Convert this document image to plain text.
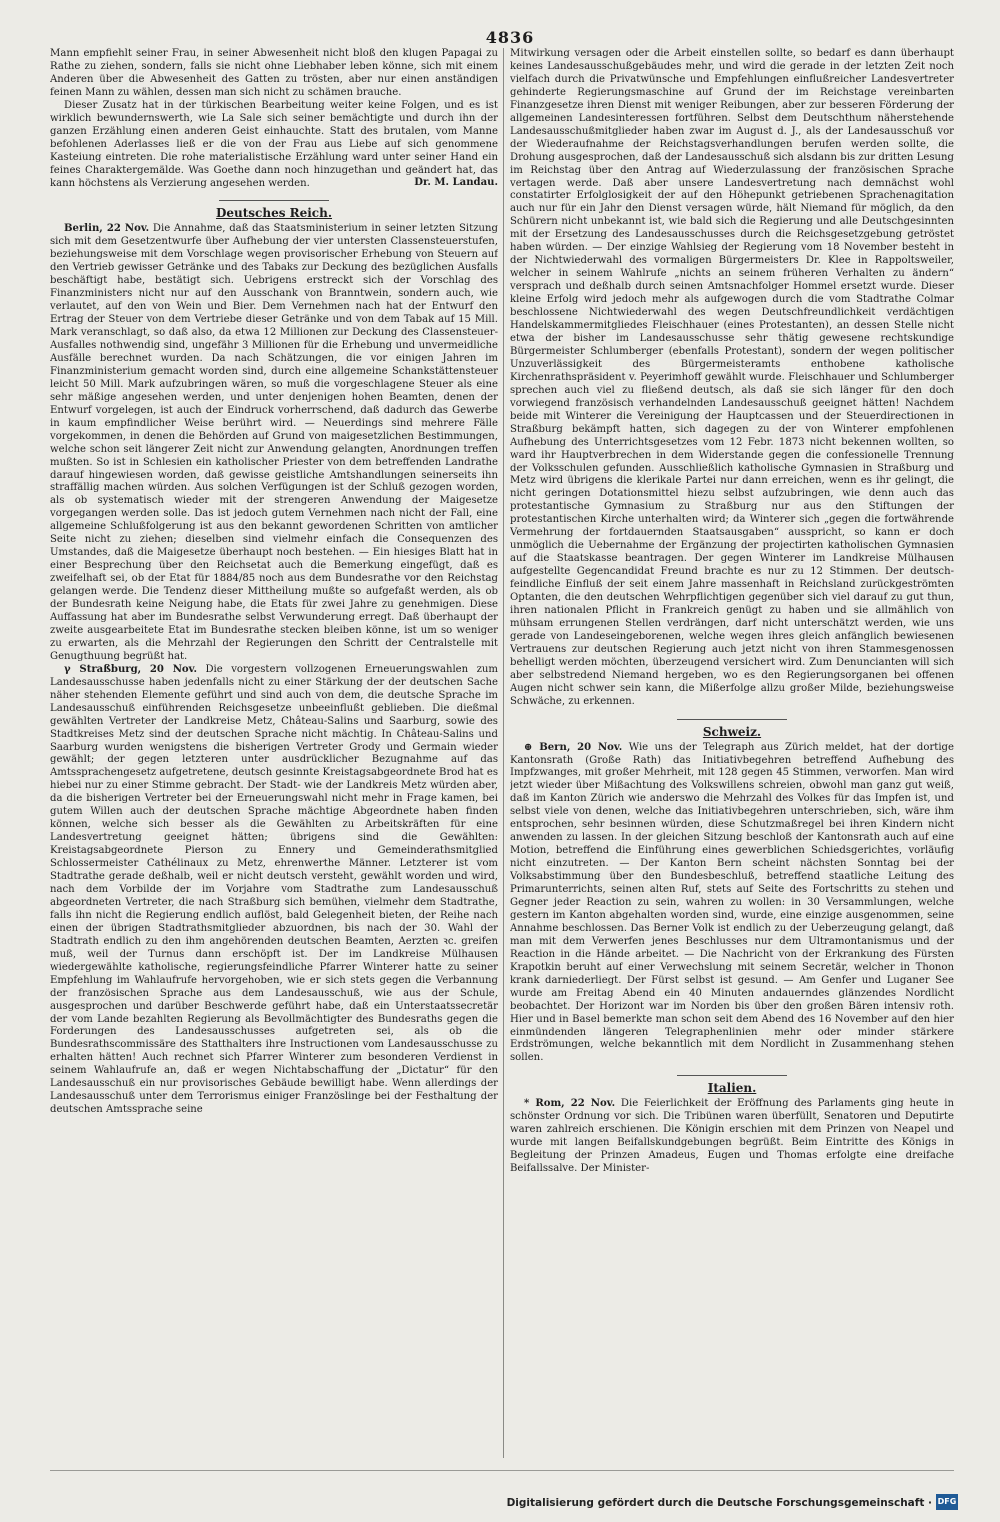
4836

Mann empfiehlt seiner Frau, in seiner Abwesenheit nicht bloß den klugen Papagai zu Rathe zu ziehen, sondern, falls sie nicht ohne Liebhaber leben könne, sich mit einem Anderen über die Abwesenheit des Gatten zu trösten, aber nur einen anständigen feinen Mann zu wählen, dessen man sich nicht zu schämen brauche.

Dieser Zusatz hat in der türkischen Bearbeitung weiter keine Folgen, und es ist wirklich bewundernswerth, wie La Sale sich seiner bemächtigte und durch ihn der ganzen Erzählung einen anderen Geist einhauchte. Statt des brutalen, vom Manne befohlenen Aderlasses ließ er die von der Frau aus Liebe auf sich genommene Kasteiung eintreten. Die rohe materialistische Erzählung ward unter seiner Hand ein feines Charaktergemälde. Was Goethe dann noch hinzugethan und geändert hat, das kann höchstens als Verzierung angesehen werden.	Dr. M. Landau.

Deutsches Reich.

Berlin, 22 Nov. Die Annahme, daß das Staatsministerium in seiner letzten Sitzung sich mit dem Gesetzentwurfe über Aufhebung der vier untersten Classensteuerstufen, beziehungsweise mit dem Vorschlage wegen provisorischer Erhebung von Steuern auf den Vertrieb gewisser Getränke und des Tabaks zur Deckung des bezüglichen Ausfalls beschäftigt habe, bestätigt sich. Uebrigens erstreckt sich der Vorschlag des Finanzministers nicht nur auf den Ausschank von Branntwein, sondern auch, wie verlautet, auf den von Wein und Bier. Dem Vernehmen nach hat der Entwurf den Ertrag der Steuer von dem Vertriebe dieser Getränke und von dem Tabak auf 15 Mill. Mark veranschlagt, so daß also, da etwa 12 Millionen zur Deckung des Classensteuer-Ausfalles nothwendig sind, ungefähr 3 Millionen für die Erhebung und unvermeidliche Ausfälle berechnet wurden. Da nach Schätzungen, die vor einigen Jahren im Finanzministerium gemacht worden sind, durch eine allgemeine Schankstättensteuer leicht 50 Mill. Mark aufzubringen wären, so muß die vorgeschlagene Steuer als eine sehr mäßige angesehen werden, und unter denjenigen hohen Beamten, denen der Entwurf vorgelegen, ist auch der Eindruck vorherrschend, daß dadurch das Gewerbe in kaum empfindlicher Weise berührt wird. — Neuerdings sind mehrere Fälle vorgekommen, in denen die Behörden auf Grund von maigesetzlichen Bestimmungen, welche schon seit längerer Zeit nicht zur Anwendung gelangten, Anordnungen treffen mußten. So ist in Schlesien ein katholischer Priester von dem betreffenden Landrathe darauf hingewiesen worden, daß gewisse geistliche Amtshandlungen seinerseits ihn straffällig machen würden. Aus solchen Verfügungen ist der Schluß gezogen worden, als ob systematisch wieder mit der strengeren Anwendung der Maigesetze vorgegangen werden solle. Das ist jedoch gutem Vernehmen nach nicht der Fall, eine allgemeine Schlußfolgerung ist aus den bekannt gewordenen Schritten von amtlicher Seite nicht zu ziehen; dieselben sind vielmehr einfach die Consequenzen des Umstandes, daß die Maigesetze überhaupt noch bestehen. — Ein hiesiges Blatt hat in einer Besprechung über den Reichsetat auch die Bemerkung eingefügt, daß es zweifelhaft sei, ob der Etat für 1884/85 noch aus dem Bundesrathe vor den Reichstag gelangen werde. Die Tendenz dieser Mittheilung mußte so aufgefaßt werden, als ob der Bundesrath keine Neigung habe, die Etats für zwei Jahre zu genehmigen. Diese Auffassung hat aber im Bundesrathe selbst Verwunderung erregt. Daß überhaupt der zweite ausgearbeitete Etat im Bundesrathe stecken bleiben könne, ist um so weniger zu erwarten, als die Mehrzahl der Regierungen den Schritt der Centralstelle mit Genugthuung begrüßt hat.

γ Straßburg, 20 Nov. Die vorgestern vollzogenen Erneuerungswahlen zum Landesausschusse haben jedenfalls nicht zu einer Stärkung der der deutschen Sache näher stehenden Elemente geführt und sind auch von dem, die deutsche Sprache im Landesausschuß einführenden Reichsgesetze unbeeinflußt geblieben. Die dießmal gewählten Vertreter der Landkreise Metz, Château-Salins und Saarburg, sowie des Stadtkreises Metz sind der deutschen Sprache nicht mächtig. In Château-Salins und Saarburg wurden wenigstens die bisherigen Vertreter Grody und Germain wieder gewählt; der gegen letzteren unter ausdrücklicher Bezugnahme auf das Amtssprachengesetz aufgetretene, deutsch gesinnte Kreistagsabgeordnete Brod hat es hiebei nur zu einer Stimme gebracht. Der Stadt- wie der Landkreis Metz würden aber, da die bisherigen Vertreter bei der Erneuerungswahl nicht mehr in Frage kamen, bei gutem Willen auch der deutschen Sprache mächtige Abgeordnete haben finden können, welche sich besser als die Gewählten zu Arbeitskräften für eine Landesvertretung geeignet hätten; übrigens sind die Gewählten: Kreistagsabgeordnete Pierson zu Ennery und Gemeinderathsmitglied Schlossermeister Cathélinaux zu Metz, ehrenwerthe Männer. Letzterer ist vom Stadtrathe gerade deßhalb, weil er nicht deutsch versteht, gewählt worden und wird, nach dem Vorbilde der im Vorjahre vom Stadtrathe zum Landesausschuß abgeordneten Vertreter, die nach Straßburg sich bemühen, vielmehr dem Stadtrathe, falls ihn nicht die Regierung endlich auflöst, bald Gelegenheit bieten, der Reihe nach einen der übrigen Stadtrathsmitglieder abzuordnen, bis nach der 30. Wahl der Stadtrath endlich zu den ihm angehörenden deutschen Beamten, Aerzten ꝛc. greifen muß, weil der Turnus dann erschöpft ist. Der im Landkreise Mülhausen wiedergewählte katholische, regierungsfeindliche Pfarrer Winterer hatte zu seiner Empfehlung im Wahlaufrufe hervorgehoben, wie er sich stets gegen die Verbannung der französischen Sprache aus dem Landesausschuß, wie aus der Schule, ausgesprochen und darüber Beschwerde geführt habe, daß ein Unterstaatssecretär der vom Lande bezahlten Regierung als Bevollmächtigter des Bundesraths gegen die Forderungen des Landesausschusses aufgetreten sei, als ob die Bundesrathscommissäre des Statthalters ihre Instructionen vom Landesausschusse zu erhalten hätten! Auch rechnet sich Pfarrer Winterer zum besonderen Verdienst in seinem Wahlaufrufe an, daß er wegen Nichtabschaffung der „Dictatur“ für den Landesausschuß ein nur provisorisches Gebäude bewilligt habe. Wenn allerdings der Landesausschuß unter dem Terrorismus einiger Französlinge bei der Festhaltung der deutschen Amtssprache seine

Mitwirkung versagen oder die Arbeit einstellen sollte, so bedarf es dann überhaupt keines Landesausschußgebäudes mehr, und wird die gerade in der letzten Zeit noch vielfach durch die Privatwünsche und Empfehlungen einflußreicher Landesvertreter gehinderte Regierungsmaschine auf Grund der im Reichstage vereinbarten Finanzgesetze ihren Dienst mit weniger Reibungen, aber zur besseren Förderung der allgemeinen Landesinteressen fortführen. Selbst dem Deutschthum näherstehende Landesausschußmitglieder haben zwar im August d. J., als der Landesausschuß vor der Wiederaufnahme der Reichstagsverhandlungen berufen werden sollte, die Drohung ausgesprochen, daß der Landesausschuß sich alsdann bis zur dritten Lesung im Reichstag über den Antrag auf Wiederzulassung der französischen Sprache vertagen werde. Daß aber unsere Landesvertretung nach demnächst wohl constatirter Erfolglosigkeit der auf den Höhepunkt getriebenen Sprachenagitation auch nur für ein Jahr den Dienst versagen würde, hält Niemand für möglich, da den Schürern nicht unbekannt ist, wie bald sich die Regierung und alle Deutschgesinnten mit der Ersetzung des Landesausschusses durch die Reichsgesetzgebung getröstet haben würden. — Der einzige Wahlsieg der Regierung vom 18 November besteht in der Nichtwiederwahl des vormaligen Bürgermeisters Dr. Klee in Rappoltsweiler, welcher in seinem Wahlrufe „nichts an seinem früheren Verhalten zu ändern“ versprach und deßhalb durch seinen Amtsnachfolger Hommel ersetzt wurde. Dieser kleine Erfolg wird jedoch mehr als aufgewogen durch die vom Stadtrathe Colmar beschlossene Nichtwiederwahl des wegen Deutschfreundlichkeit verdächtigen Handelskammermitgliedes Fleischhauer (eines Protestanten), an dessen Stelle nicht etwa der bisher im Landesausschusse sehr thätig gewesene rechtskundige Bürgermeister Schlumberger (ebenfalls Protestant), sondern der wegen politischer Unzuverlässigkeit des Bürgermeisteramts enthobene katholische Kirchenrathspräsident v. Peyerimhoff gewählt wurde. Fleischhauer und Schlumberger sprechen auch viel zu fließend deutsch, als daß sie sich länger für den doch vorwiegend französisch verhandelnden Landesausschuß geeignet hätten! Nachdem beide mit Winterer die Vereinigung der Hauptcassen und der Steuerdirectionen in Straßburg bekämpft hatten, sich dagegen zu der von Winterer empfohlenen Aufhebung des Unterrichtsgesetzes vom 12 Febr. 1873 nicht bekennen wollten, so ward ihr Hauptverbrechen in dem Widerstande gegen die confessionelle Trennung der Volksschulen gefunden. Ausschließlich katholische Gymnasien in Straßburg und Metz wird übrigens die klerikale Partei nur dann erreichen, wenn es ihr gelingt, die nicht geringen Dotationsmittel hiezu selbst aufzubringen, wie denn auch das protestantische Gymnasium zu Straßburg nur aus den Stiftungen der protestantischen Kirche unterhalten wird; da Winterer sich „gegen die fortwährende Vermehrung der fortdauernden Staatsausgaben“ ausspricht, so kann er doch unmöglich die Uebernahme der Ergänzung der projectirten katholischen Gymnasien auf die Staatskasse beantragen. Der gegen Winterer im Landkreise Mülhausen aufgestellte Gegencandidat Freund brachte es nur zu 12 Stimmen. Der deutsch-feindliche Einfluß der seit einem Jahre massenhaft in Reichsland zurückgeströmten Optanten, die den deutschen Wehrpflichtigen gegenüber sich viel darauf zu gut thun, ihren nationalen Pflicht in Frankreich genügt zu haben und sie allmählich von mühsam errungenen Stellen verdrängen, darf nicht unterschätzt werden, wie uns gerade von Landeseingeborenen, welche wegen ihres gleich anfänglich bewiesenen Vertrauens zur deutschen Regierung auch jetzt nicht von ihren Stammesgenossen behelligt werden möchten, überzeugend versichert wird. Zum Denuncianten will sich aber selbstredend Niemand hergeben, wo es den Regierungsorganen bei offenen Augen nicht schwer sein kann, die Mißerfolge allzu großer Milde, beziehungsweise Schwäche, zu erkennen.

Schweiz.

⊕ Bern, 20 Nov. Wie uns der Telegraph aus Zürich meldet, hat der dortige Kantonsrath (Große Rath) das Initiativbegehren betreffend Aufhebung des Impfzwanges, mit großer Mehrheit, mit 128 gegen 45 Stimmen, verworfen. Man wird jetzt wieder über Mißachtung des Volkswillens schreien, obwohl man ganz gut weiß, daß im Kanton Zürich wie anderswo die Mehrzahl des Volkes für das Impfen ist, und selbst viele von denen, welche das Initiativbegehren unterschrieben, sich, wäre ihm entsprochen, sehr besinnen würden, diese Schutzmaßregel bei ihren Kindern nicht anwenden zu lassen. In der gleichen Sitzung beschloß der Kantonsrath auch auf eine Motion, betreffend die Einführung eines gewerblichen Schiedsgerichtes, vorläufig nicht einzutreten. — Der Kanton Bern scheint nächsten Sonntag bei der Volksabstimmung über den Bundesbeschluß, betreffend staatliche Leitung des Primarunterrichts, seinen alten Ruf, stets auf Seite des Fortschritts zu stehen und Gegner jeder Reaction zu sein, wahren zu wollen: in 30 Versammlungen, welche gestern im Kanton abgehalten worden sind, wurde, eine einzige ausgenommen, seine Annahme beschlossen. Das Berner Volk ist endlich zu der Ueberzeugung gelangt, daß man mit dem Verwerfen jenes Beschlusses nur dem Ultramontanismus und der Reaction in die Hände arbeitet. — Die Nachricht von der Erkrankung des Fürsten Krapotkin beruht auf einer Verwechslung mit seinem Secretär, welcher in Thonon krank darniederliegt. Der Fürst selbst ist gesund. — Am Genfer und Luganer See wurde am Freitag Abend ein 40 Minuten andauerndes glänzendes Nordlicht beobachtet. Der Horizont war im Norden bis über den großen Bären intensiv roth. Hier und in Basel bemerkte man schon seit dem Abend des 16 November auf den hier einmündenden längeren Telegraphenlinien mehr oder minder stärkere Erdströmungen, welche bekanntlich mit dem Nordlicht in Zusammenhang stehen sollen.

Italien.

* Rom, 22 Nov. Die Feierlichkeit der Eröffnung des Parlaments ging heute in schönster Ordnung vor sich. Die Tribünen waren überfüllt, Senatoren und Deputirte waren zahlreich erschienen. Die Königin erschien mit dem Prinzen von Neapel und wurde mit langen Beifallskundgebungen begrüßt. Beim Eintritte des Königs in Begleitung der Prinzen Amadeus, Eugen und Thomas erfolgte eine dreifache Beifallssalve. Der Minister-

Digitalisierung gefördert durch die Deutsche Forschungsgemeinschaft · DFG
